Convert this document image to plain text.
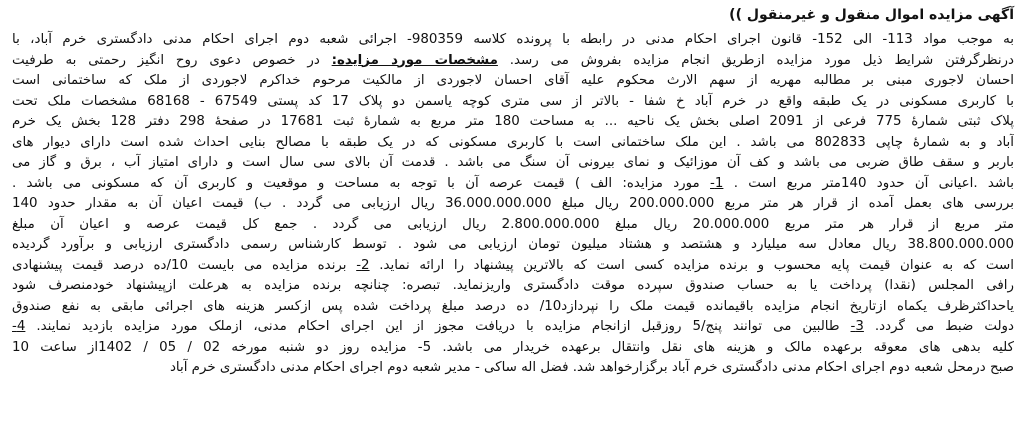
آگهی مزایده اموال منقول و غیرمنقول ))
به موجب مواد 113- الی 152- قانون اجرای احکام مدنی در رابطه با پرونده کلاسه 980359- اجرائی شعبه دوم اجرای احکام مدنی دادگستری خرم آباد، با
درنظرگرفتن شرایط ذیل مورد مزایده ازطریق انجام مزایده بفروش می رسد. مشخصات مورد مزایده: در خصوص دعوی روح انگیز رحمتی به طرفیت
احسان لاجوری مبنی بر مطالبه مهریه از سهم الارث محکوم علیه آقای احسان لاجوردی از مالکیت مرحوم خداکرم لاجوردی از ملک که ساختمانی است
با کاربری مسکونی در یک طبقه واقع در خرم آباد خ شفا - بالاتر از سی متری کوچه یاسمن دو پلاک 17 کد پستی 67549 - 68168 مشخصات ملک تحت
پلاک ثبتی شمارهٔ 775 فرعی از 2091 اصلی بخش یک ناحیه ... به مساحت 180 متر مربع به شمارهٔ ثبت 17681 در صفحهٔ 298 دفتر 128 بخش یک خرم
آباد و به شمارهٔ چاپی 802833 می باشد . این ملک ساختمانی است با کاربری مسکونی که در یک طبقه با مصالح بنایی احداث شده است دارای دیوار های
باربر و سقف طاق ضربی می باشد و کف آن موزائیک و نمای بیرونی آن سنگ می باشد . قدمت آن بالای سی سال است و دارای امتیاز آب ، برق و گاز می
باشد .اعیانی آن حدود 140متر مربع است . 1- مورد مزایده: الف ) قیمت عرصه آن با توجه به مساحت و موقعیت و کاربری آن که مسکونی می باشد .
بررسی های بعمل آمده از قرار هر متر مربع 200.000.000 ریال مبلغ 36.000.000.000 ریال ارزیابی می گردد . ب) قیمت اعیان آن به مقدار حدود 140
متر مربع از قرار هر متر مربع 20.000.000 ریال مبلغ 2.800.000.000 ریال ارزیابی می گردد . جمع کل قیمت عرصه و اعیان آن مبلغ
38.800.000.000 ریال معادل سه میلیارد و هشتصد و هشتاد میلیون تومان ارزیابی می شود . توسط کارشناس رسمی دادگستری ارزیابی و برآورد گردیده
است که به عنوان قیمت پایه محسوب و برنده مزایده کسی است که بالاترین پیشنهاد را ارائه نماید. 2- برنده مزایده می بایست 10/ده درصد قیمت پیشنهادی
رافی المجلس (نقدا) پرداخت یا به حساب صندوق سپرده موقت دادگستری واریزنماید. تبصره: چنانچه برنده مزایده به هرعلت ازپیشنهاد خودمنصرف شود
یاحداکثرظرف یکماه ازتاریخ انجام مزایده باقیمانده قیمت ملک را نپردازد10/ ده درصد مبلغ پرداخت شده پس ازکسر هزینه های اجرائی مابقی به نفع صندوق
دولت ضبط می گردد. 3- طالبین می توانند پنج/5 روزقبل ازانجام مزایده با دریافت مجوز از این اجرای احکام مدنی، ازملک مورد مزایده بازدید نمایند. 4-
کلیه بدهی های معوقه برعهده مالک و هزینه های نقل وانتقال برعهده خریدار می باشد. 5- مزایده روز دو شنبه مورخه 02 / 05 / 1402از ساعت 10
صبح درمحل شعبه دوم اجرای احکام مدنی دادگستری خرم آباد برگزارخواهد شد. فضل اله ساکی - مدیر شعبه دوم اجرای احکام مدنی دادگستری خرم آباد
